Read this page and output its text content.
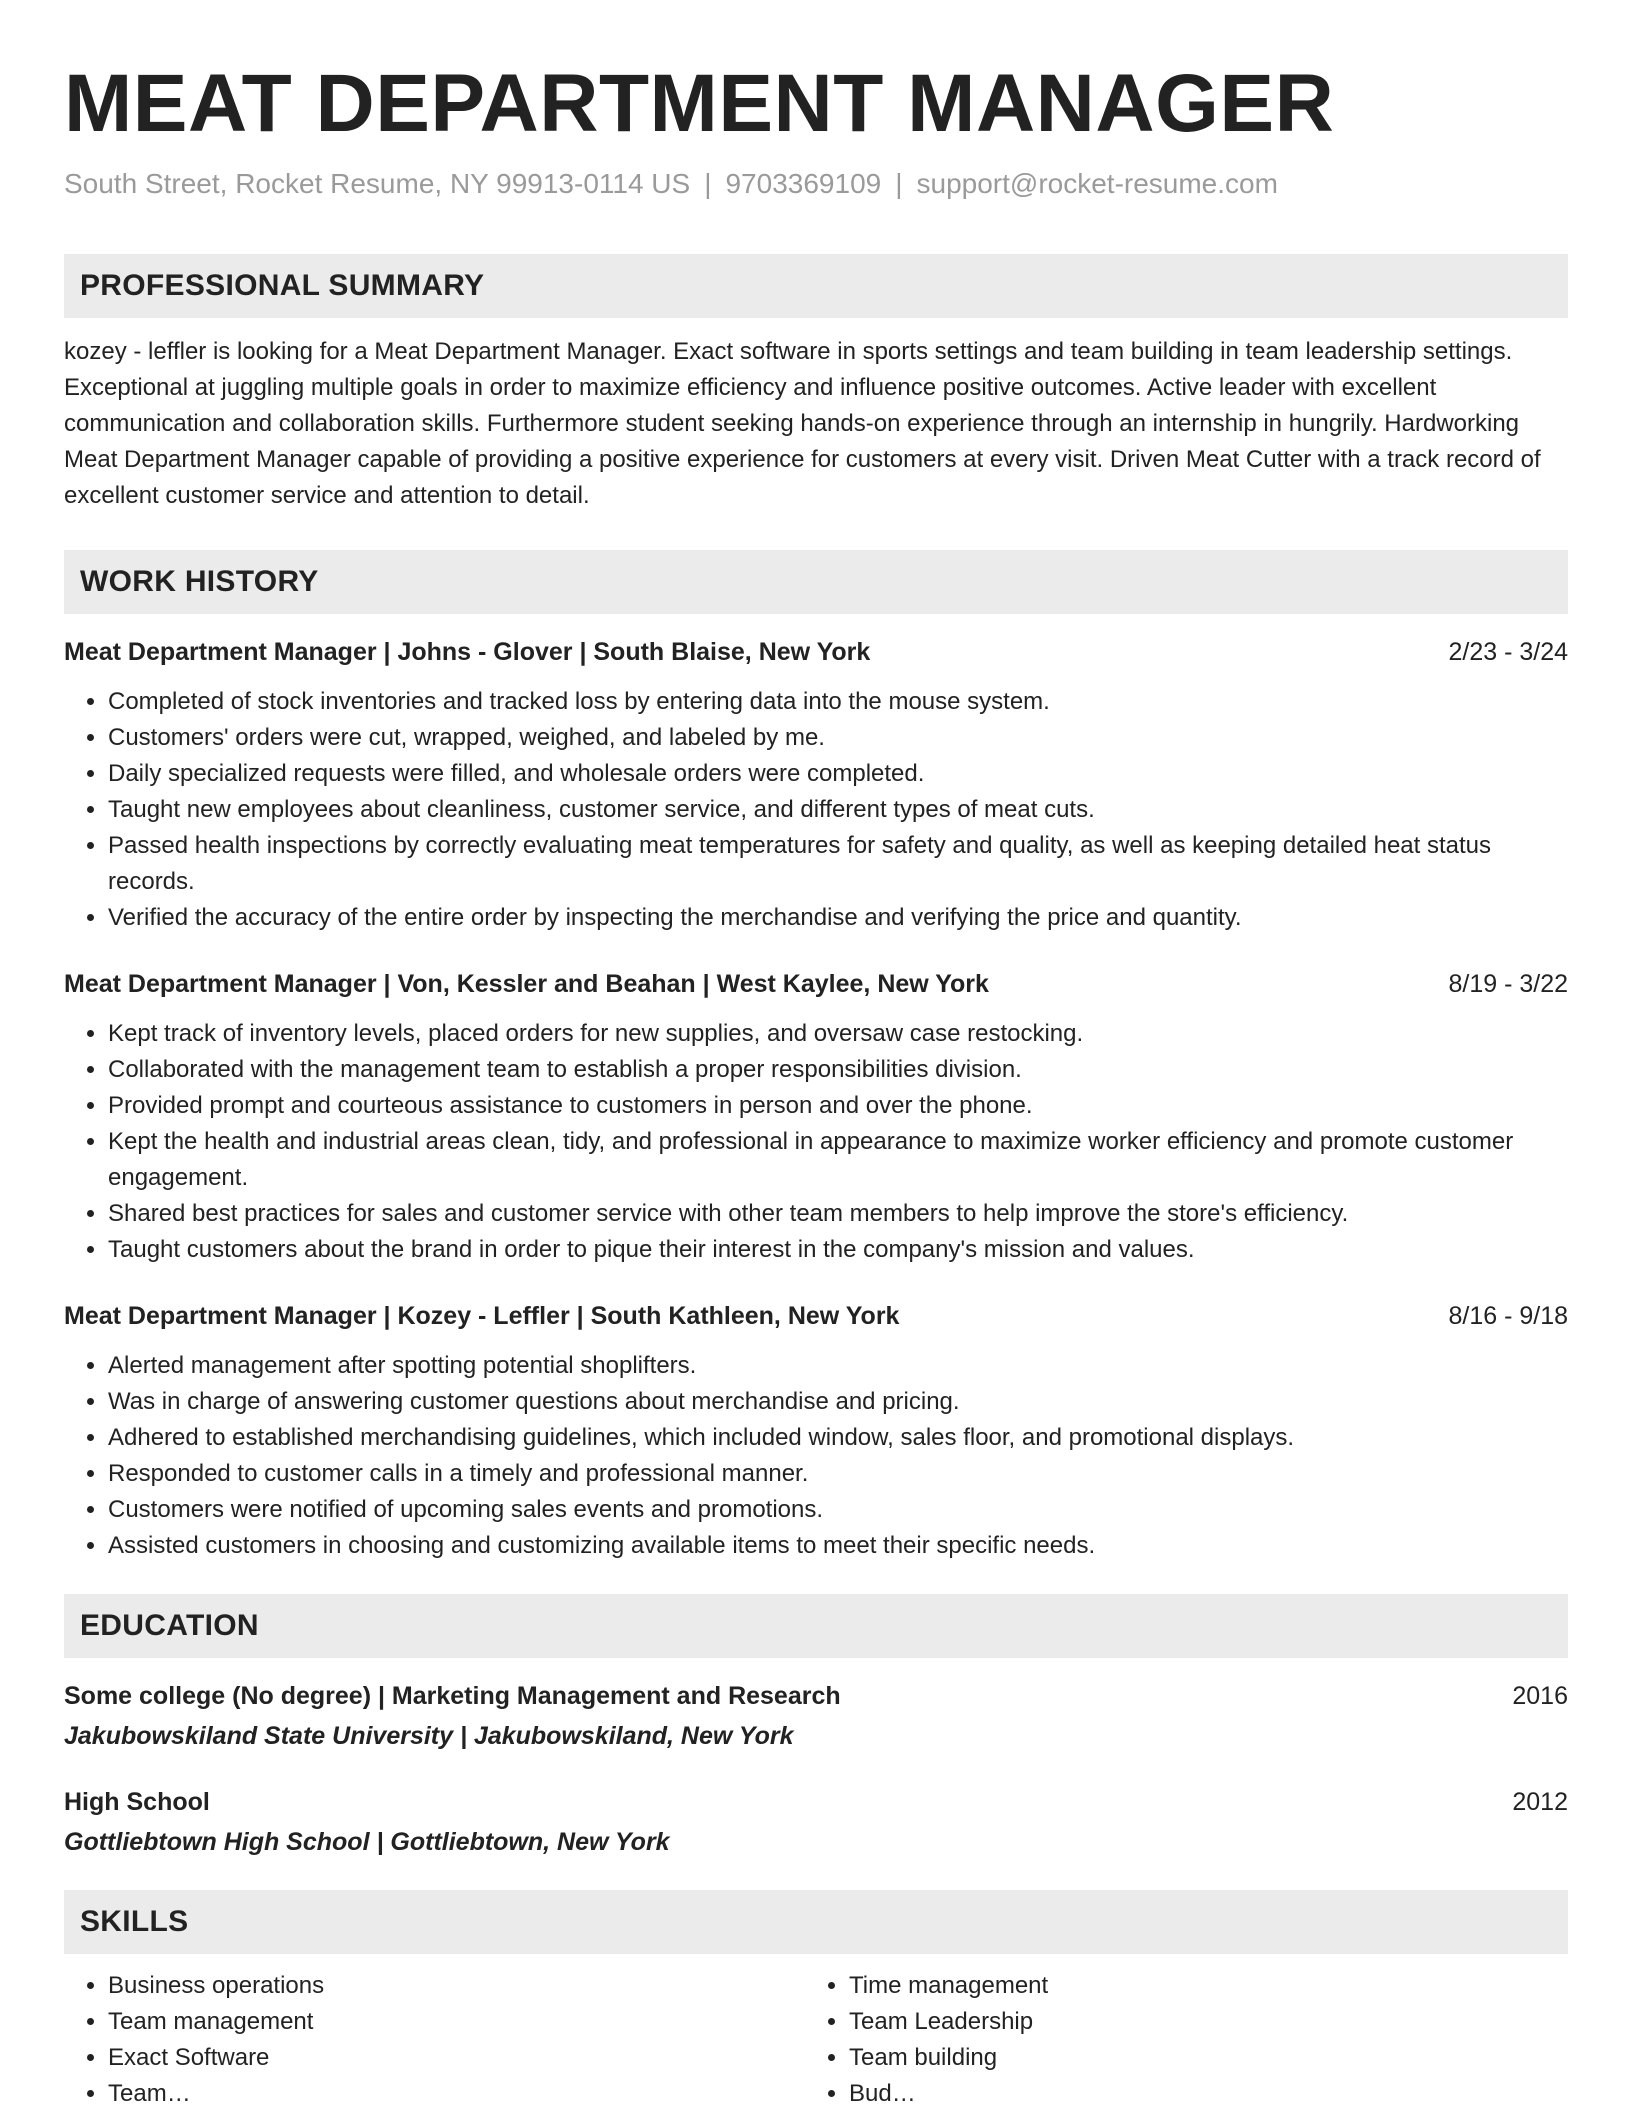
MEAT DEPARTMENT MANAGER
South Street, Rocket Resume, NY 99913-0114 US | 9703369109 | support@rocket-resume.com
PROFESSIONAL SUMMARY
kozey - leffler is looking for a Meat Department Manager. Exact software in sports settings and team building in team leadership settings. Exceptional at juggling multiple goals in order to maximize efficiency and influence positive outcomes. Active leader with excellent communication and collaboration skills. Furthermore student seeking hands-on experience through an internship in hungrily. Hardworking Meat Department Manager capable of providing a positive experience for customers at every visit. Driven Meat Cutter with a track record of excellent customer service and attention to detail.
WORK HISTORY
Meat Department Manager | Johns - Glover | South Blaise, New York	2/23 - 3/24
• Completed of stock inventories and tracked loss by entering data into the mouse system.
• Customers' orders were cut, wrapped, weighed, and labeled by me.
• Daily specialized requests were filled, and wholesale orders were completed.
• Taught new employees about cleanliness, customer service, and different types of meat cuts.
• Passed health inspections by correctly evaluating meat temperatures for safety and quality, as well as keeping detailed heat status records.
• Verified the accuracy of the entire order by inspecting the merchandise and verifying the price and quantity.
Meat Department Manager | Von, Kessler and Beahan | West Kaylee, New York	8/19 - 3/22
• Kept track of inventory levels, placed orders for new supplies, and oversaw case restocking.
• Collaborated with the management team to establish a proper responsibilities division.
• Provided prompt and courteous assistance to customers in person and over the phone.
• Kept the health and industrial areas clean, tidy, and professional in appearance to maximize worker efficiency and promote customer engagement.
• Shared best practices for sales and customer service with other team members to help improve the store's efficiency.
• Taught customers about the brand in order to pique their interest in the company's mission and values.
Meat Department Manager | Kozey - Leffler | South Kathleen, New York	8/16 - 9/18
• Alerted management after spotting potential shoplifters.
• Was in charge of answering customer questions about merchandise and pricing.
• Adhered to established merchandising guidelines, which included window, sales floor, and promotional displays.
• Responded to customer calls in a timely and professional manner.
• Customers were notified of upcoming sales events and promotions.
• Assisted customers in choosing and customizing available items to meet their specific needs.
EDUCATION
Some college (No degree) | Marketing Management and Research	2016
Jakubowskiland State University | Jakubowskiland, New York
High School	2012
Gottliebtown High School | Gottliebtown, New York
SKILLS
• Business operations
• Team management
• Exact Software
• Team…
• Time management
• Team Leadership
• Team building
• Bud…
